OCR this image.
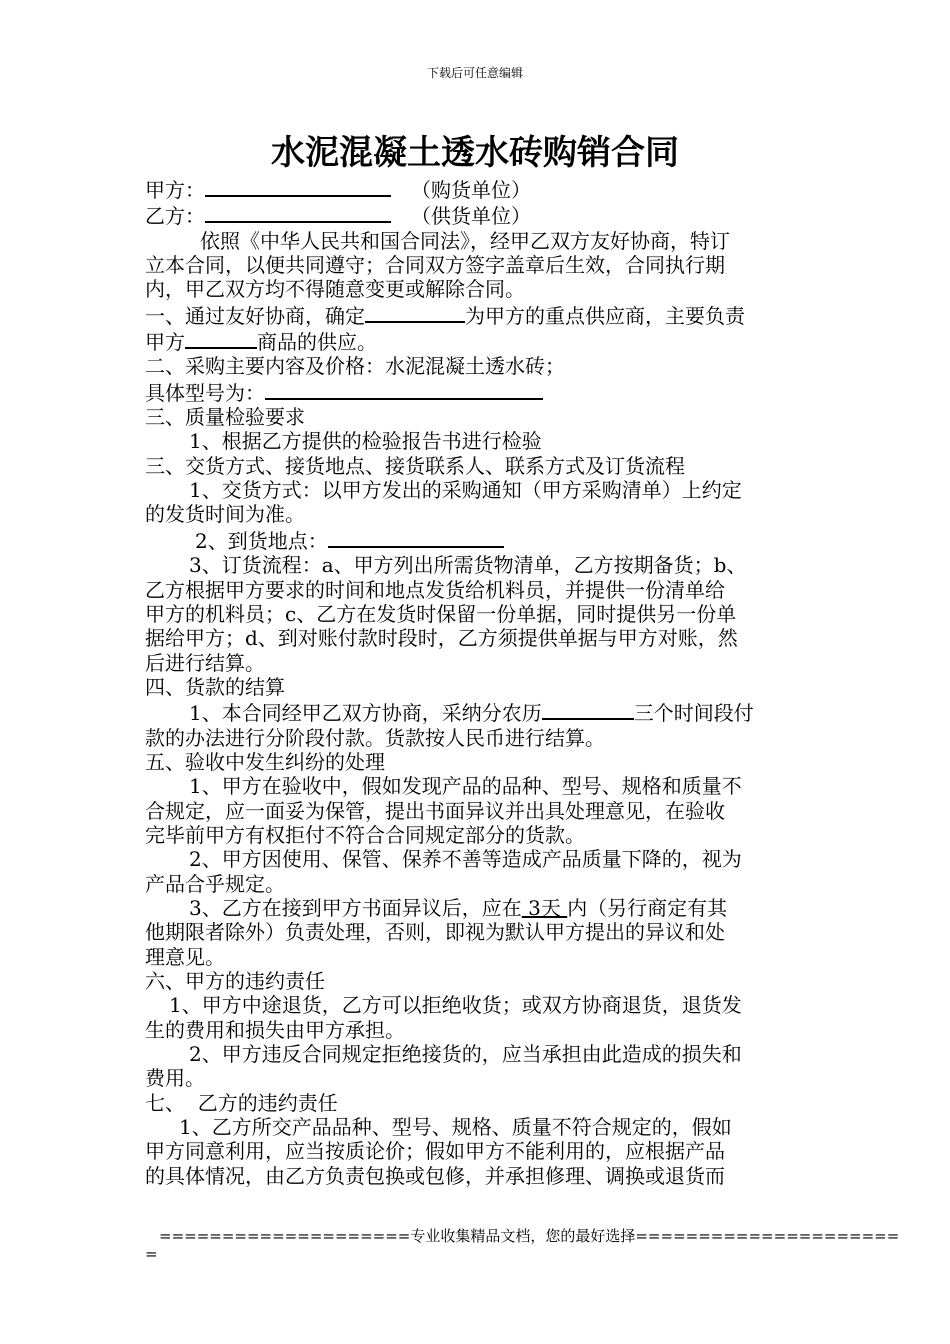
下载后可任意编辑
水泥混凝土透水砖购销合同

甲方：	（购货单位）

乙方：	（供货单位）

依照《中华人民共和国合同法》，经甲乙双方友好协商，特订

立本合同，以便共同遵守；合同双方签字盖章后生效，合同执行期

内，甲乙双方均不得随意变更或解除合同。

一、通过友好协商，确定	为甲方的重点供应商，主要负责

甲方	商品的供应。

二、采购主要内容及价格：水泥混凝土透水砖；

具体型号为：

三、质量检验要求

1、根据乙方提供的检验报告书进行检验

三、交货方式、接货地点、接货联系人、联系方式及订货流程

1、交货方式：以甲方发出的采购通知（甲方采购清单）上约定

的发货时间为准。

2、到货地点：

3、订货流程：a、甲方列出所需货物清单，乙方按期备货；b、

乙方根据甲方要求的时间和地点发货给机料员，并提供一份清单给

甲方的机料员；c、乙方在发货时保留一份单据，同时提供另一份单

据给甲方；d、到对账付款时段时，乙方须提供单据与甲方对账，然

后进行结算。

四、货款的结算

1、本合同经甲乙双方协商，采纳分农历	三个时间段付

款的办法进行分阶段付款。货款按人民币进行结算。

五、验收中发生纠纷的处理

1、甲方在验收中，假如发现产品的品种、型号、规格和质量不

合规定，应一面妥为保管，提出书面异议并出具处理意见，在验收

完毕前甲方有权拒付不符合合同规定部分的货款。

2、甲方因使用、保管、保养不善等造成产品质量下降的，视为

产品合乎规定。

3、乙方在接到甲方书面异议后，应在 3天 内（另行商定有其

他期限者除外）负责处理，否则，即视为默认甲方提出的异议和处

理意见。

六、甲方的违约责任

1、甲方中途退货，乙方可以拒绝收货；或双方协商退货，退货发

生的费用和损失由甲方承担。

2、甲方违反合同规定拒绝接货的，应当承担由此造成的损失和

费用。

七、  乙方的违约责任

1、乙方所交产品品种、型号、规格、质量不符合规定的，假如

甲方同意利用，应当按质论价；假如甲方不能利用的，应根据产品

的具体情况，由乙方负责包换或包修，并承担修理、调换或退货而

====================专业收集精品文档，您的最好选择=====================

=
